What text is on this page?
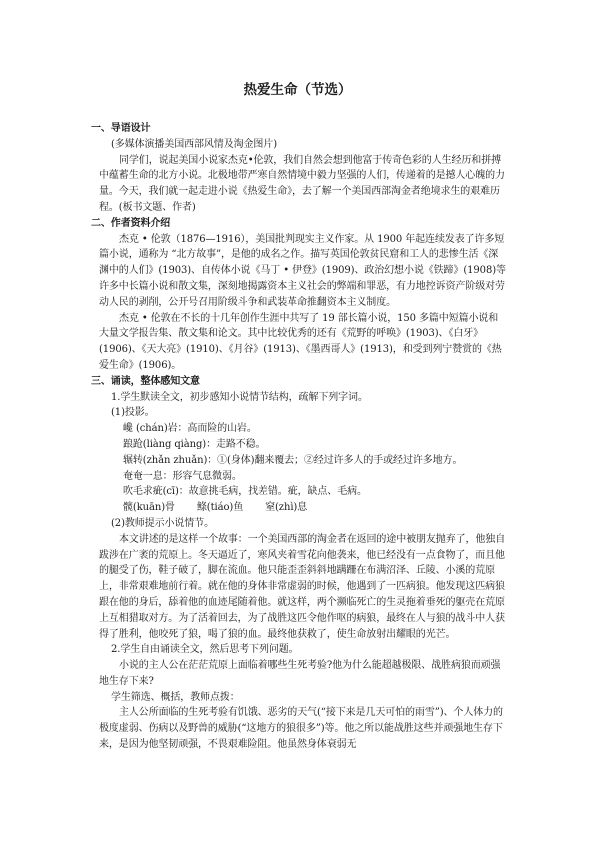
热爱生命（节选）

一、导语设计

(多媒体演播美国西部风情及淘金图片)

同学们，说起美国小说家杰克•伦敦，我们自然会想到他富于传奇色彩的人生经历和拼搏中蕴蓄生命的北方小说。北极地带严寒自然情境中毅力坚强的人们，传递着的是撼人心魄的力量。今天，我们就一起走进小说《热爱生命》，去了解一个美国西部淘金者绝境求生的艰难历程。(板书文题、作者)

二、作者资料介绍

杰克 • 伦敦（1876—1916），美国批判现实主义作家。从 1900 年起连续发表了许多短篇小说，通称为 “北方故事”，是他的成名之作。描写英国伦敦贫民窟和工人的悲惨生活《深渊中的人们》(1903)、自传体小说《马丁 • 伊登》(1909)、政治幻想小说《铁蹄》(1908)等许多中长篇小说和散文集，深刻地揭露资本主义社会的弊端和罪恶，有力地控诉资产阶级对劳动人民的剥削，公开号召用阶级斗争和武装革命推翻资本主义制度。

杰克 • 伦敦在不长的十几年创作生涯中共写了 19 部长篇小说，150 多篇中短篇小说和大量文学报告集、散文集和论文。其中比较优秀的还有《荒野的呼唤》(1903)、《白牙》(1906)、《天大亮》(1910)、《月谷》(1913)、《墨西哥人》(1913)，和受到列宁赞赏的《热爱生命》(1906)。

三、诵读，整体感知文意

1.学生默读全文，初步感知小说情节结构，疏解下列字词。

(1)投影。

巉 (chán)岩：高而险的山岩。

踉跄(liàng qiàng)：走路不稳。

辗转(zhǎn zhuǎn)：①(身体)翻来覆去；②经过许多人的手或经过许多地方。

奄奄一息：形容气息微弱。

吹毛求疵(cī)：故意挑毛病，找差错。疵，缺点、毛病。

髋(kuān)骨 鲦(tiáo)鱼 窒(zhì)息

(2)教师提示小说情节。

本文讲述的是这样一个故事：一个美国西部的淘金者在返回的途中被朋友抛弃了，他独自跋涉在广袤的荒原上。冬天逼近了，寒风夹着雪花向他袭来，他已经没有一点食物了，而且他的腿受了伤，鞋子破了，脚在流血。他只能歪歪斜斜地蹒跚在布满沼泽、丘陵、小溪的荒原上，非常艰难地前行着。就在他的身体非常虚弱的时候，他遇到了一匹病狼。他发现这匹病狼跟在他的身后，舔着他的血迹尾随着他。就这样，两个濒临死亡的生灵拖着垂死的躯壳在荒原上互相猎取对方。为了活着回去，为了战胜这匹令他作呕的病狼，最终在人与狼的战斗中人获得了胜利，他咬死了狼，喝了狼的血。最终他获救了，使生命放射出耀眼的光芒。

2.学生自由诵读全文，然后思考下列问题。

小说的主人公在茫茫荒原上面临着哪些生死考验?他为什么能超越极限、战胜病狼而顽强地生存下来?

学生筛选、概括，教师点拨：

主人公所面临的生死考验有饥饿、恶劣的天气(“接下来是几天可怕的雨雪”)、个人体力的极度虚弱、伤病以及野兽的威胁(“这地方的狼很多”)等。他之所以能战胜这些并顽强地生存下来，是因为他坚韧顽强，不畏艰难险阻。他虽然身体衰弱无
